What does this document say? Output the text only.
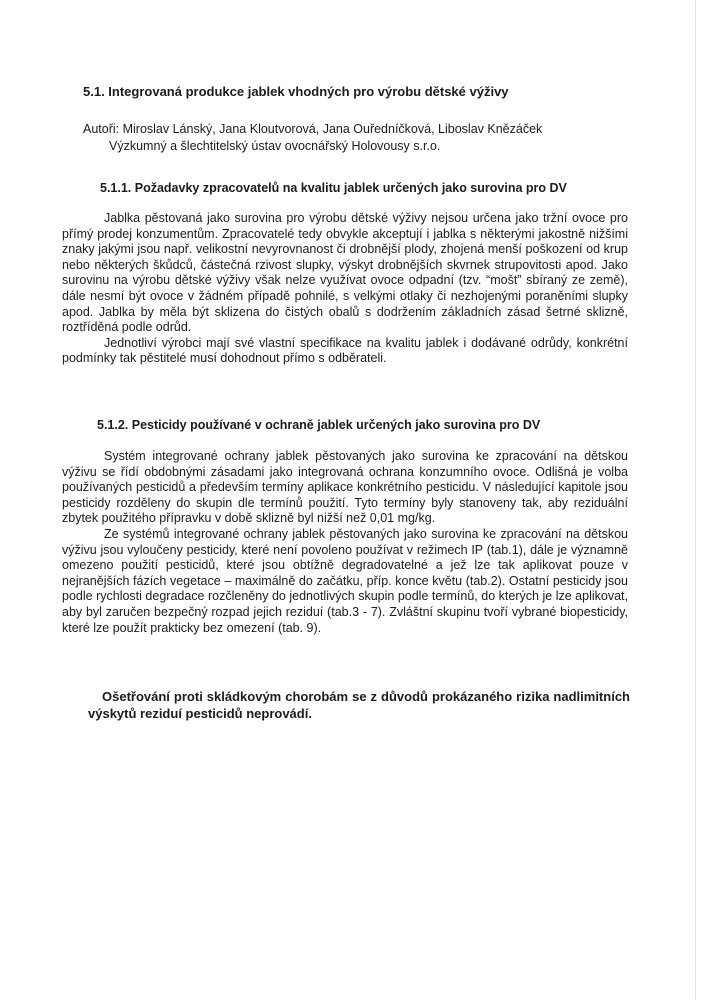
5.1. Integrovaná produkce jablek vhodných pro výrobu dětské výživy

Autoři: Miroslav Lánský, Jana Kloutvorová, Jana Ouředníčková, Liboslav Knězáček
Výzkumný a šlechtitelský ústav ovocnářský Holovousy s.r.o.

5.1.1. Požadavky zpracovatelů na kvalitu jablek určených jako surovina pro DV
Jablka pěstovaná jako surovina pro výrobu dětské výživy nejsou určena jako tržní ovoce pro přímý prodej konzumentům. Zpracovatelé tedy obvykle akceptují i jablka s některými jakostně nižšími znaky jakými jsou např. velikostní nevyrovnanost či drobnější plody, zhojená menší poškození od krup nebo některých škůdců, částečná rzivost slupky, výskyt drobnějších skvrnek strupovitosti apod. Jako surovinu na výrobu dětské výživy však nelze využívat ovoce odpadní (tzv. “mošt” sbíraný ze země), dále nesmí být ovoce v žádném případě pohnilé, s velkými otlaky či nezhojenými poraněními slupky apod. Jablka by měla být sklizena do čistých obalů s dodržením základních zásad šetrné sklizně, roztříděná podle odrůd.
Jednotliví výrobci mají své vlastní specifikace na kvalitu jablek i dodávané odrůdy, konkrétní podmínky tak pěstitelé musí dohodnout přímo s odběrateli.
5.1.2. Pesticidy používané v ochraně jablek určených jako surovina pro DV
Systém integrované ochrany jablek pěstovaných jako surovina ke zpracování na dětskou výživu se řídí obdobnými zásadami jako integrovaná ochrana konzumního ovoce. Odlišná je volba používaných pesticidů a především termíny aplikace konkrétního pesticidu. V následující kapitole jsou pesticidy rozděleny do skupin dle termínů použití. Tyto termíny byly stanoveny tak, aby reziduální zbytek použitého přípravku v době sklizně byl nižší než 0,01 mg/kg.
Ze systémů integrované ochrany jablek pěstovaných jako surovina ke zpracování na dětskou výživu jsou vyloučeny pesticidy, které není povoleno používat v režimech IP (tab.1), dále je významně omezeno použití pesticidů, které jsou obtížně degradovatelné a jež lze tak aplikovat pouze v nejranějších fázích vegetace – maximálně do začátku, příp. konce květu (tab.2). Ostatní pesticidy jsou podle rychlosti degradace rozčleněny do jednotlivých skupin podle termínů, do kterých je lze aplikovat, aby byl zaručen bezpečný rozpad jejich reziduí (tab.3 - 7). Zvláštní skupinu tvoří vybrané biopesticidy, které lze použít prakticky bez omezení (tab. 9).

Ošetřování proti skládkovým chorobám se z důvodů prokázaného rizika nadlimitních výskytů reziduí pesticidů neprovádí.
